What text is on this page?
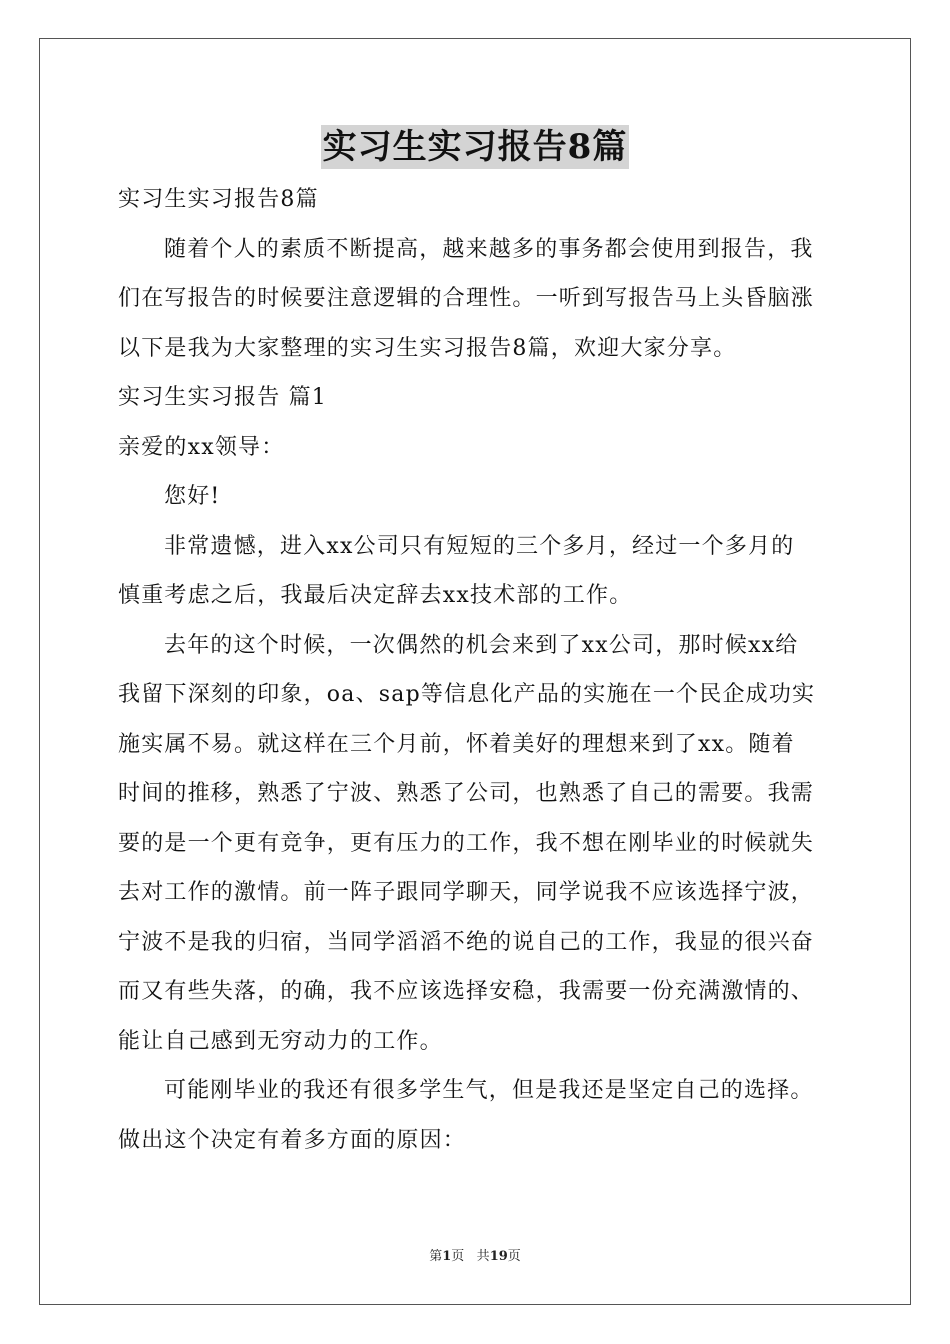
实习生实习报告8篇
实习生实习报告8篇
随着个人的素质不断提高，越来越多的事务都会使用到报告，我
们在写报告的时候要注意逻辑的合理性。一听到写报告马上头昏脑涨
以下是我为大家整理的实习生实习报告8篇，欢迎大家分享。
实习生实习报告 篇1
亲爱的xx领导：
您好!
非常遗憾，进入xx公司只有短短的三个多月，经过一个多月的
慎重考虑之后，我最后决定辞去xx技术部的工作。
去年的这个时候，一次偶然的机会来到了xx公司，那时候xx给
我留下深刻的印象，oa、sap等信息化产品的实施在一个民企成功实
施实属不易。就这样在三个月前，怀着美好的理想来到了xx。随着
时间的推移，熟悉了宁波、熟悉了公司，也熟悉了自己的需要。我需
要的是一个更有竞争，更有压力的工作，我不想在刚毕业的时候就失
去对工作的激情。前一阵子跟同学聊天，同学说我不应该选择宁波，
宁波不是我的归宿，当同学滔滔不绝的说自己的工作，我显的很兴奋
而又有些失落，的确，我不应该选择安稳，我需要一份充满激情的、
能让自己感到无穷动力的工作。
可能刚毕业的我还有很多学生气，但是我还是坚定自己的选择。
做出这个决定有着多方面的原因：
第1页 共19页
